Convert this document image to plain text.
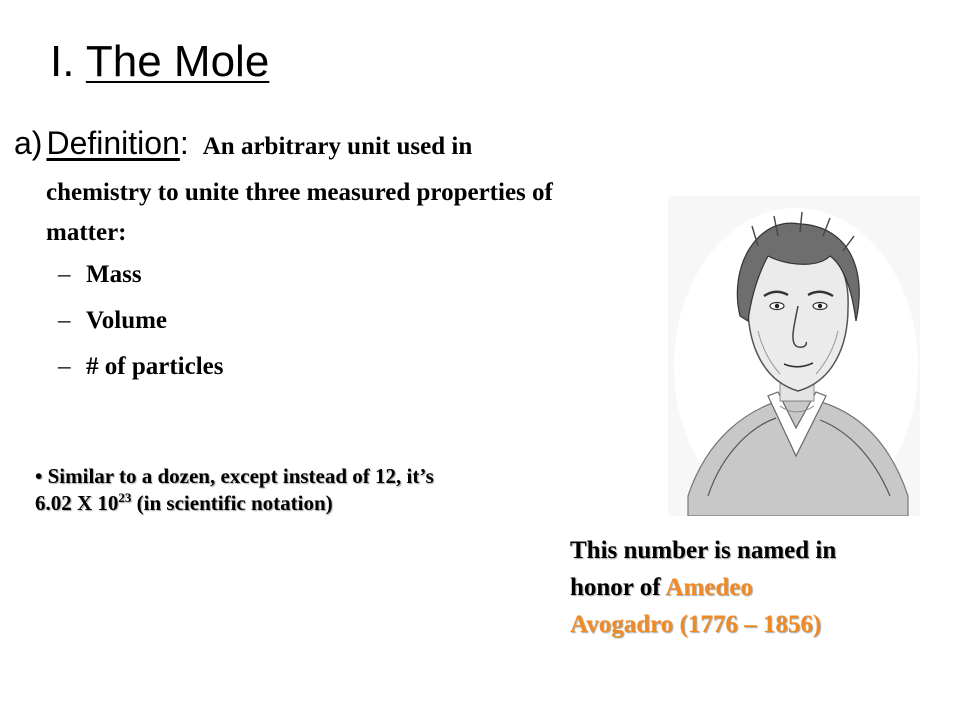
I. The Mole
a) Definition: An arbitrary unit used in
chemistry to unite three measured properties of
matter:
– Mass
– Volume
– # of particles
• Similar to a dozen, except instead of 12, it’s
6.02 X $10^{23}$ (in scientific notation)
This number is named in
honor of Amedeo
Avogadro (1776 – 1856)
